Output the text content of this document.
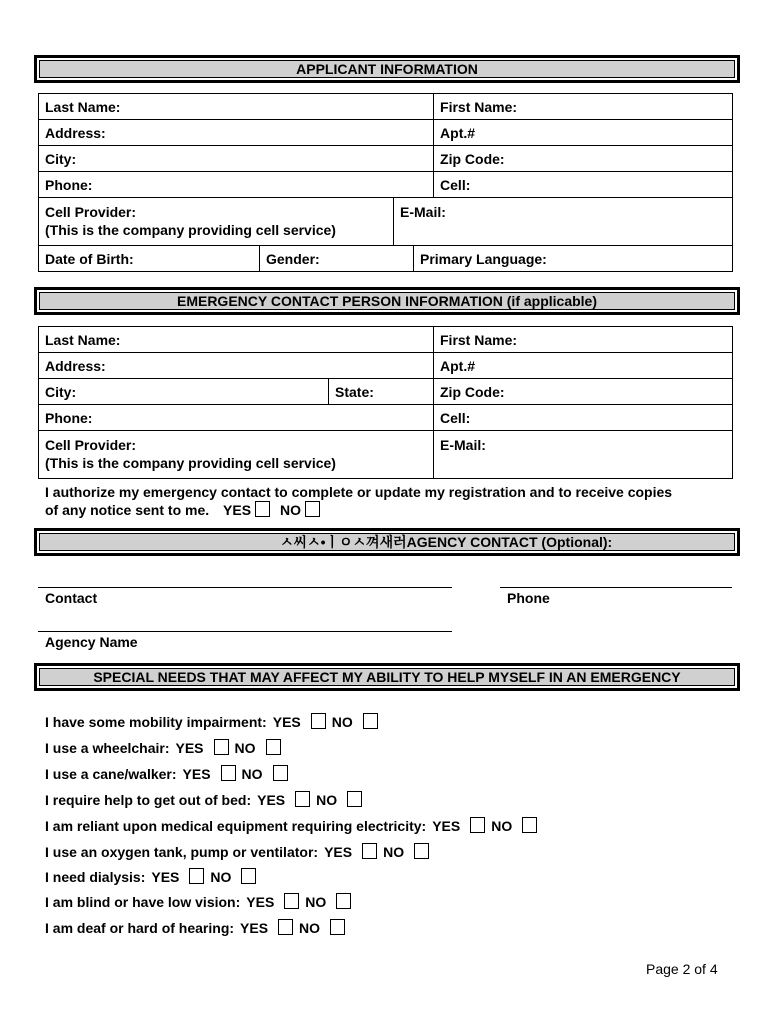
APPLICANT INFORMATION
Last Name:				First Name:
Address:				Apt.#
City:				Zip Code:
Phone:				Cell:

Cell Provider:
(This is the company providing cell service)		E-Mail:		
Date of Birth:	Gender:		Primary Language:	
EMERGENCY CONTACT PERSON INFORMATION (if applicable)
Last Name:		First Name:
Address:		Apt.#
City:	State:	Zip Code:
Phone:		Cell:

Cell Provider:
(This is the company providing cell service)		E-Mail:
I authorize my emergency contact to complete or update my registration and to receive copies
of any notice sent to me. YES NO
ㅅ씨ㅅ•ㅣㅇㅅ껴새러AGENCY CONTACT (Optional):
Contact	Phone
Agency Name
SPECIAL NEEDS THAT MAY AFFECT MY ABILITY TO HELP MYSELF IN AN EMERGENCY
I have some mobility impairment: YES NO
I use a wheelchair: YES NO
I use a cane/walker: YES NO
I require help to get out of bed: YES NO
I am reliant upon medical equipment requiring electricity: YES NO
I use an oxygen tank, pump or ventilator: YES NO
I need dialysis: YES NO
I am blind or have low vision: YES NO
I am deaf or hard of hearing: YES NO
Page 2 of 4
